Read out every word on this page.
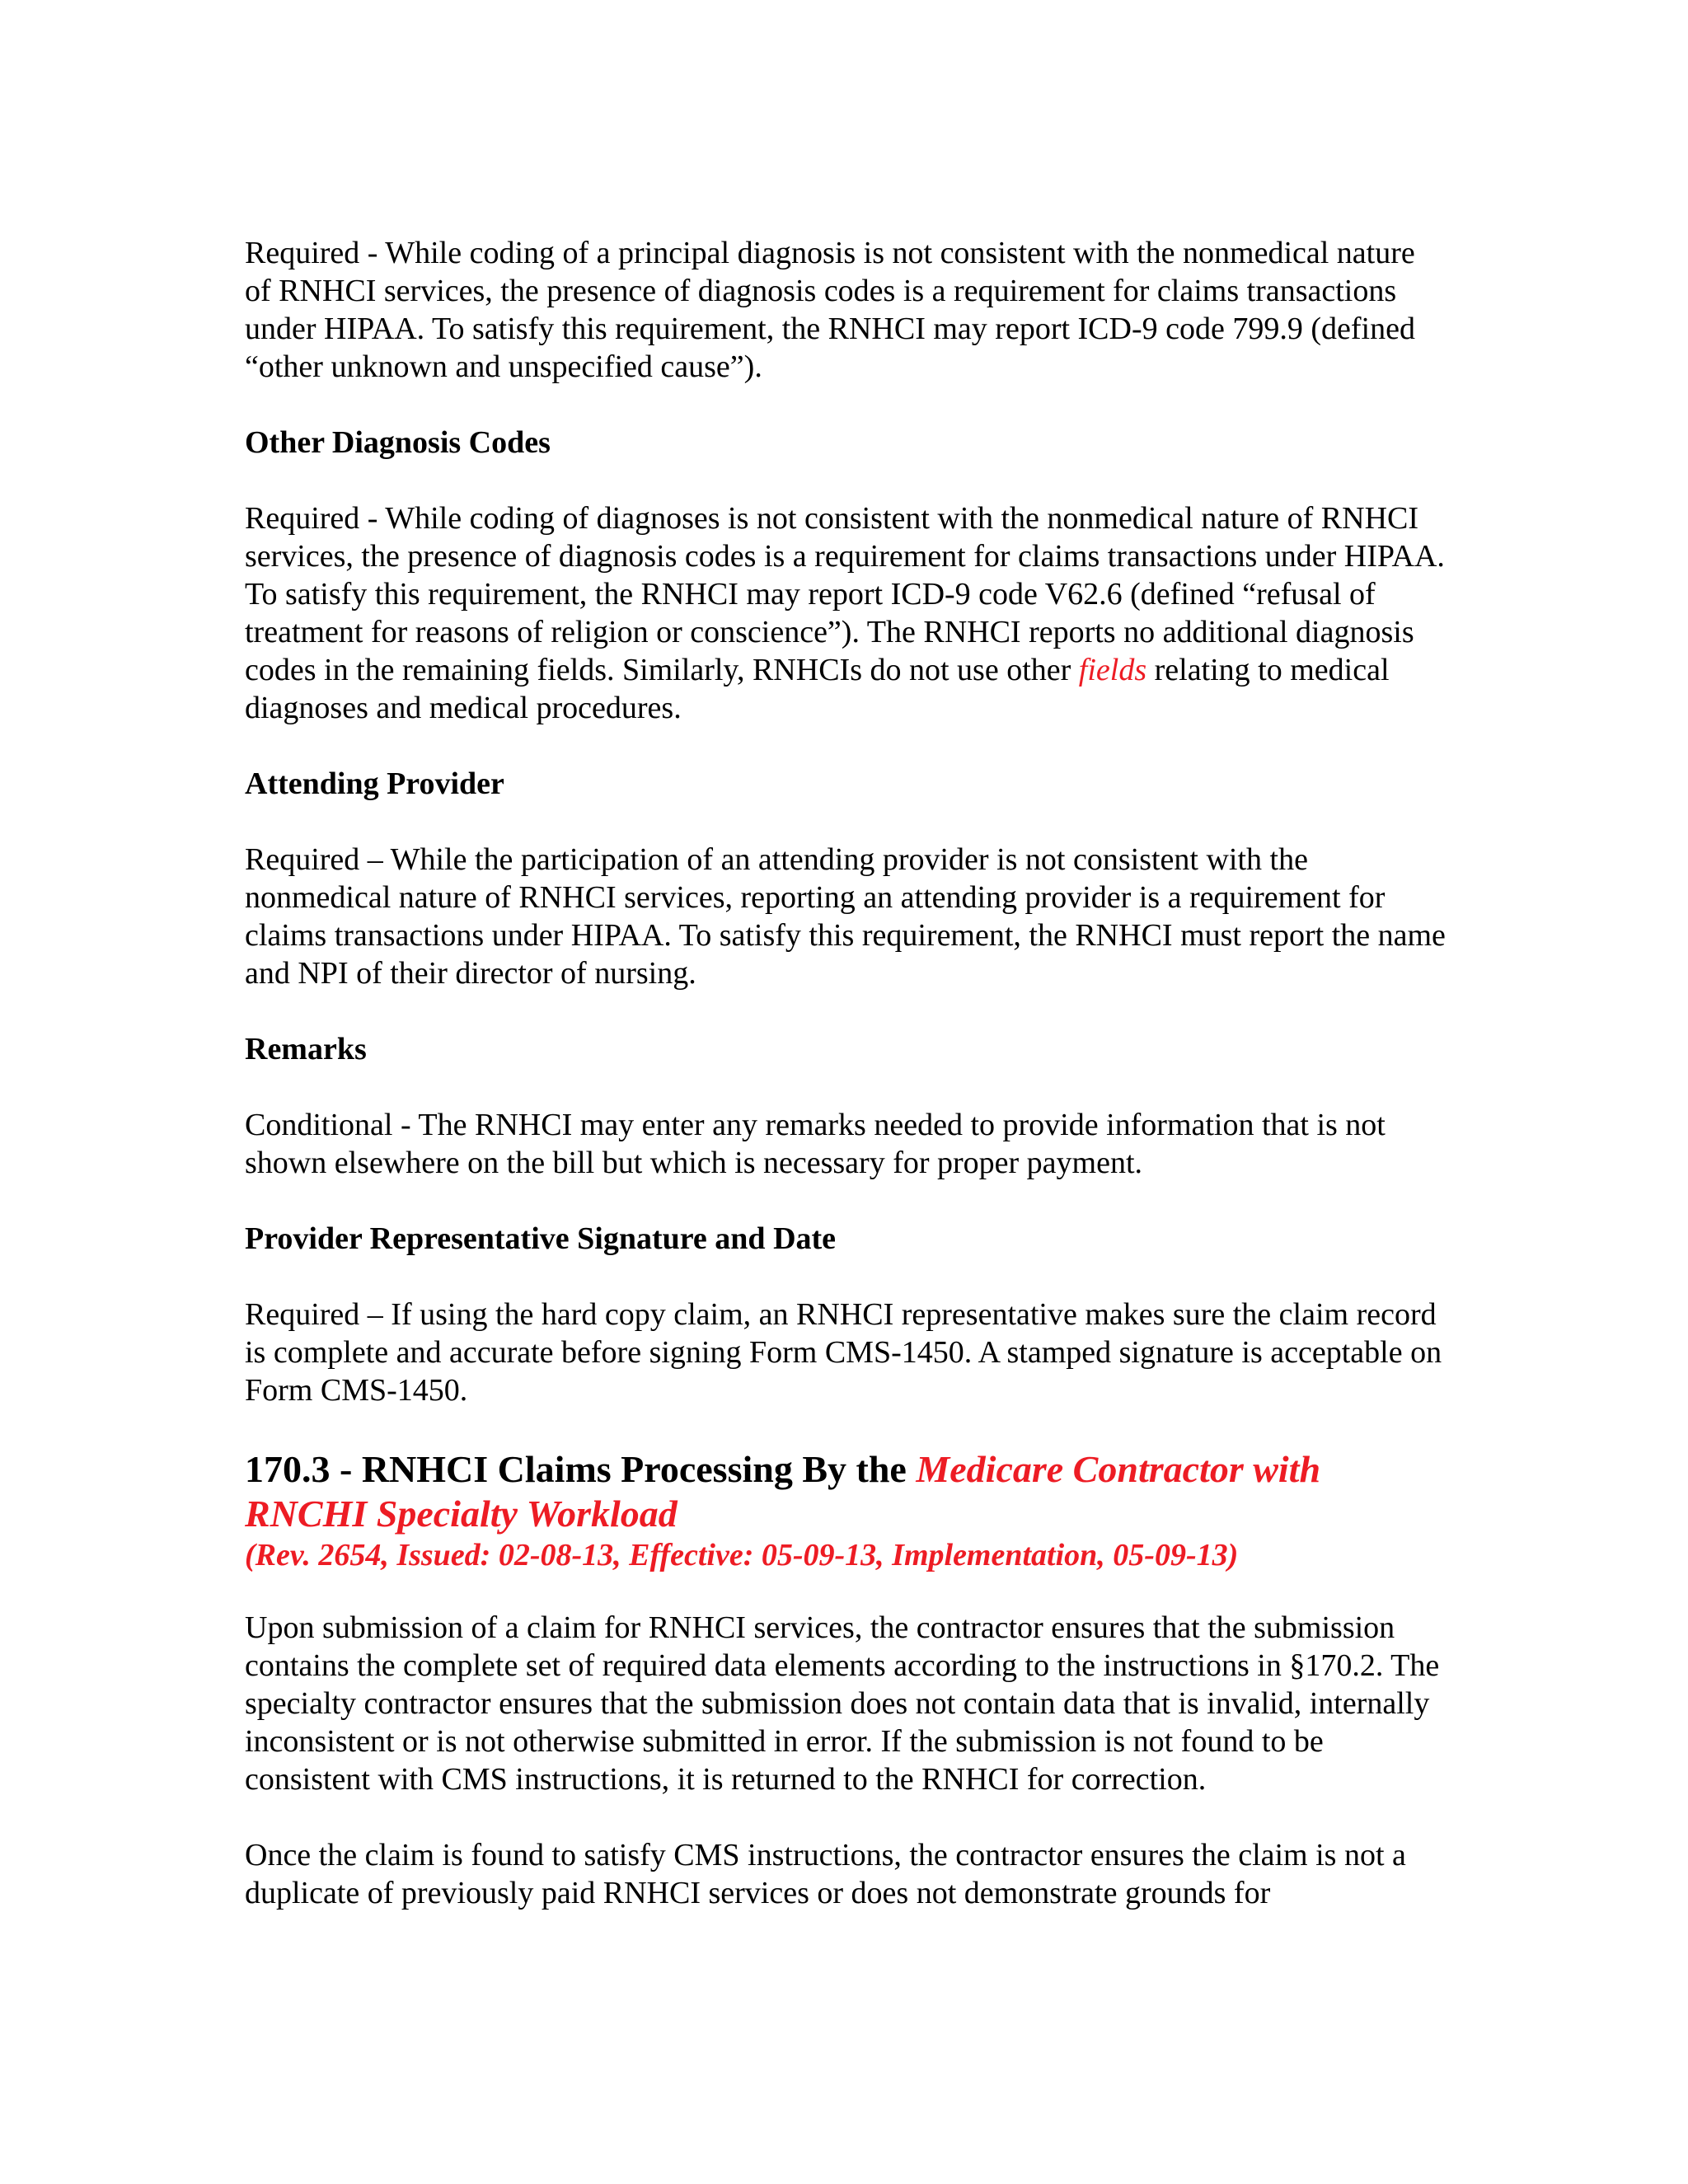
Required - While coding of a principal diagnosis is not consistent with the nonmedical nature of RNHCI services, the presence of diagnosis codes is a requirement for claims transactions under HIPAA. To satisfy this requirement, the RNHCI may report ICD-9 code 799.9 (defined “other unknown and unspecified cause”).

Other Diagnosis Codes

Required - While coding of diagnoses is not consistent with the nonmedical nature of RNHCI services, the presence of diagnosis codes is a requirement for claims transactions under HIPAA. To satisfy this requirement, the RNHCI may report ICD-9 code V62.6 (defined “refusal of treatment for reasons of religion or conscience”). The RNHCI reports no additional diagnosis codes in the remaining fields. Similarly, RNHCIs do not use other fields relating to medical diagnoses and medical procedures.

Attending Provider

Required – While the participation of an attending provider is not consistent with the nonmedical nature of RNHCI services, reporting an attending provider is a requirement for claims transactions under HIPAA. To satisfy this requirement, the RNHCI must report the name and NPI of their director of nursing.

Remarks

Conditional - The RNHCI may enter any remarks needed to provide information that is not shown elsewhere on the bill but which is necessary for proper payment.

Provider Representative Signature and Date

Required – If using the hard copy claim, an RNHCI representative makes sure the claim record is complete and accurate before signing Form CMS-1450. A stamped signature is acceptable on Form CMS-1450.

170.3 - RNHCI Claims Processing By the Medicare Contractor with RNCHI Specialty Workload

(Rev. 2654, Issued: 02-08-13, Effective: 05-09-13, Implementation, 05-09-13)

Upon submission of a claim for RNHCI services, the contractor ensures that the submission contains the complete set of required data elements according to the instructions in §170.2. The specialty contractor ensures that the submission does not contain data that is invalid, internally inconsistent or is not otherwise submitted in error. If the submission is not found to be consistent with CMS instructions, it is returned to the RNHCI for correction.

Once the claim is found to satisfy CMS instructions, the contractor ensures the claim is not a duplicate of previously paid RNHCI services or does not demonstrate grounds for
